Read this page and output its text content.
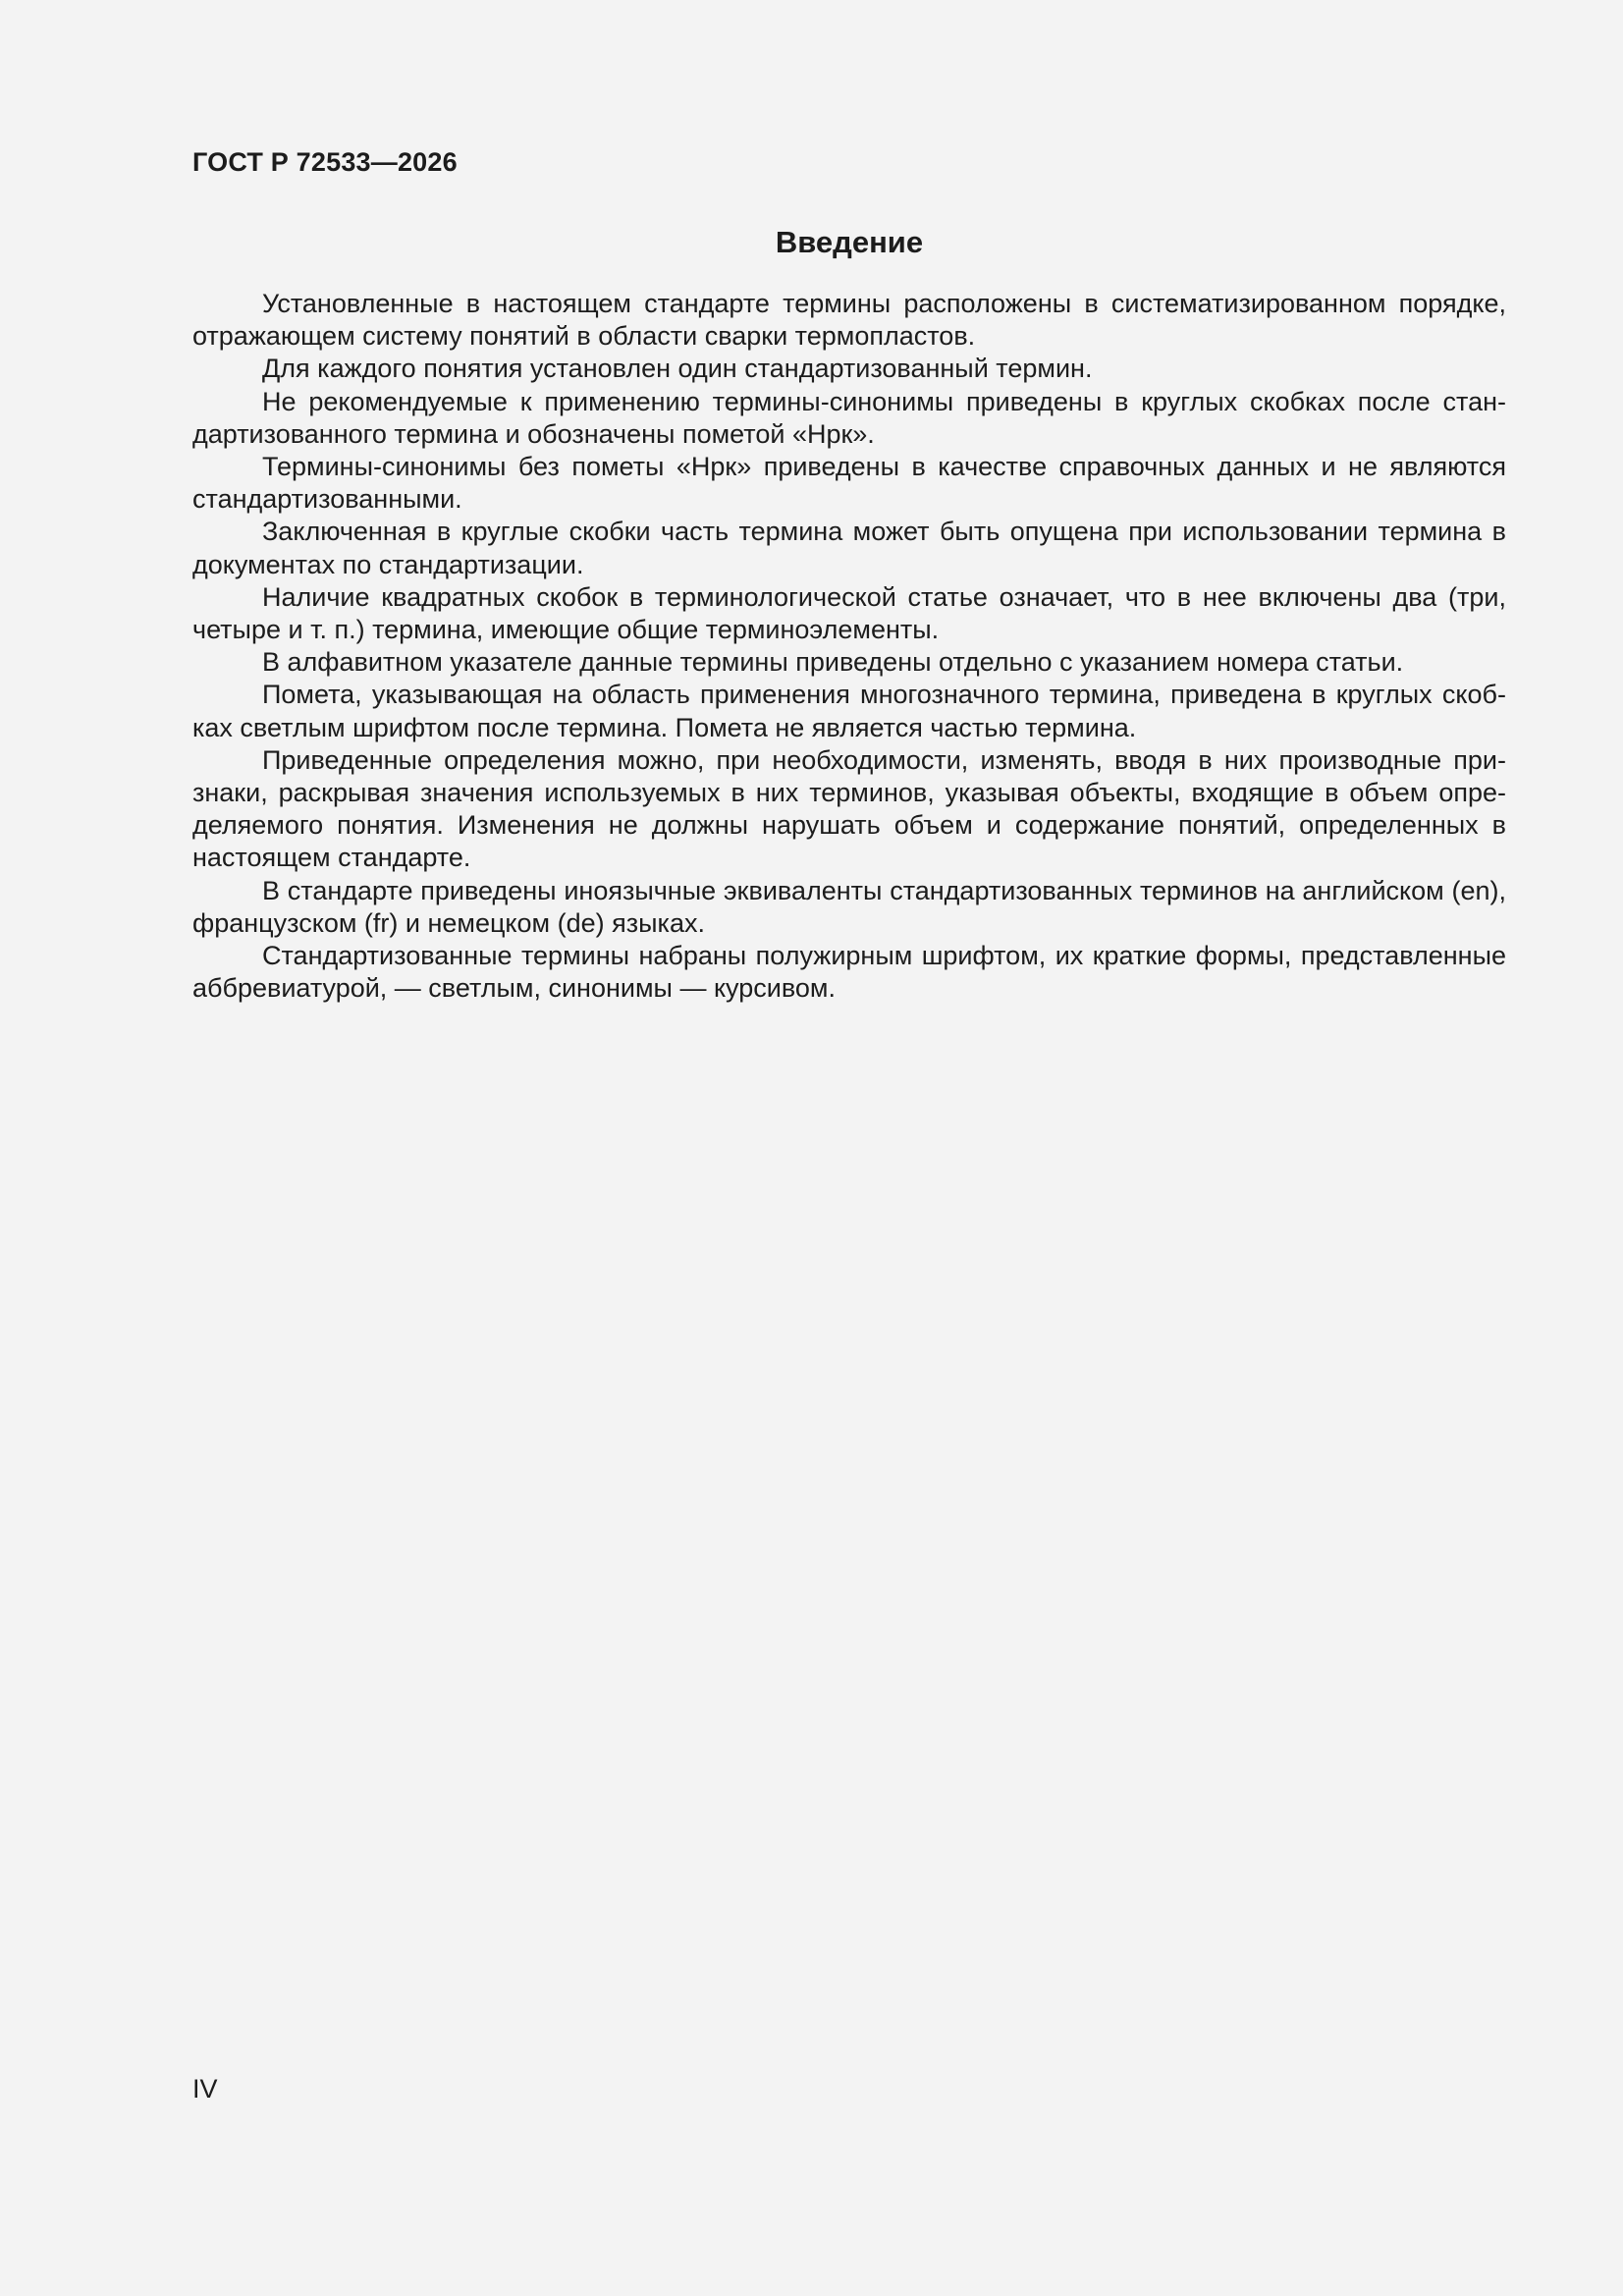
ГОСТ Р 72533—2026
Введение

Установленные в настоящем стандарте термины расположены в систематизированном порядке, отражающем систему понятий в области сварки термопластов.

Для каждого понятия установлен один стандартизованный термин.

Не рекомендуемые к применению термины-синонимы приведены в круглых скобках после стандартизованного термина и обозначены пометой «Нрк».

Термины-синонимы без пометы «Нрк» приведены в качестве справочных данных и не являются стандартизованными.

Заключенная в круглые скобки часть термина может быть опущена при использовании термина в документах по стандартизации.

Наличие квадратных скобок в терминологической статье означает, что в нее включены два (три, четыре и т. п.) термина, имеющие общие терминоэлементы.

В алфавитном указателе данные термины приведены отдельно с указанием номера статьи.

Помета, указывающая на область применения многозначного термина, приведена в круглых скобках светлым шрифтом после термина. Помета не является частью термина.

Приведенные определения можно, при необходимости, изменять, вводя в них производные признаки, раскрывая значения используемых в них терминов, указывая объекты, входящие в объем определяемого понятия. Изменения не должны нарушать объем и содержание понятий, определенных в настоящем стандарте.

В стандарте приведены иноязычные эквиваленты стандартизованных терминов на английском (en), французском (fr) и немецком (de) языках.

Стандартизованные термины набраны полужирным шрифтом, их краткие формы, представленные аббревиатурой, — светлым, синонимы — курсивом.

IV
